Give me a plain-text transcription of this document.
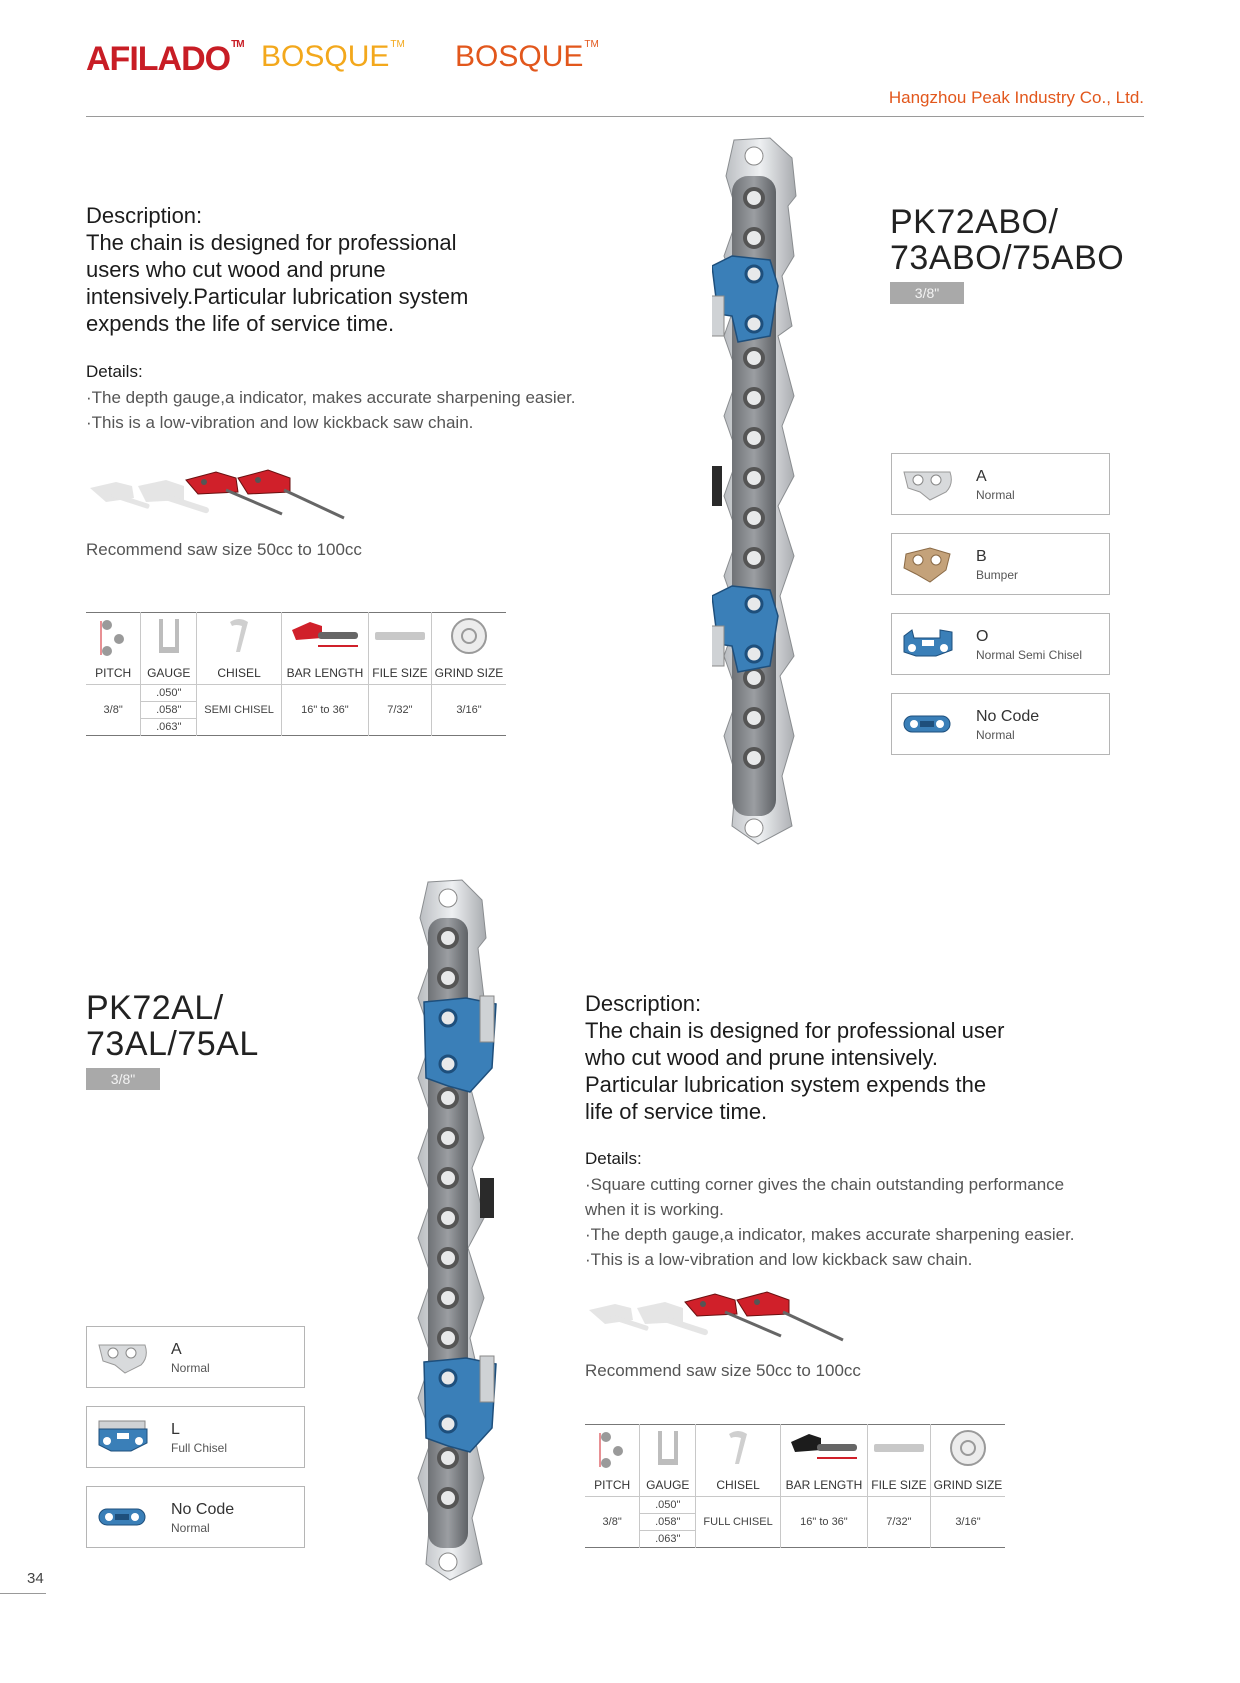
AFILADO™ BOSQUE™ BOSQUE™
Hangzhou Peak Industry Co., Ltd.
Description:
The chain is designed for professional
users who cut wood and prune
intensively.Particular lubrication system
expends the life of service time.
Details:
·The depth gauge,a indicator, makes accurate sharpening easier.
·This is a low-vibration and low kickback saw chain.
Recommend saw size 50cc to 100cc

PITCH	GAUGE	CHISEL	BAR LENGTH	FILE SIZE	GRIND SIZE
3/8"	.050"	SEMI CHISEL	16" to 36"	7/32"	3/16"
	.058"				
	.063"				
PK72ABO/
73ABO/75ABO
3/8"
A
Normal
B
Bumper
O
Normal Semi Chisel
No Code
Normal
PK72AL/
73AL/75AL
3/8"
Description:
The chain is designed for professional user
who cut wood and prune intensively.
Particular lubrication system expends the
life of service time.
Details:
·Square cutting corner gives the chain outstanding performance
when it is working.
·The depth gauge,a indicator, makes accurate sharpening easier.
·This is a low-vibration and low kickback saw chain.
Recommend saw size 50cc to 100cc

PITCH	GAUGE	CHISEL	BAR LENGTH	FILE SIZE	GRIND SIZE
3/8"	.050"	FULL CHISEL	16" to 36"	7/32"	3/16"
	.058"				
	.063"				
A
Normal
L
Full Chisel
No Code
Normal
34
